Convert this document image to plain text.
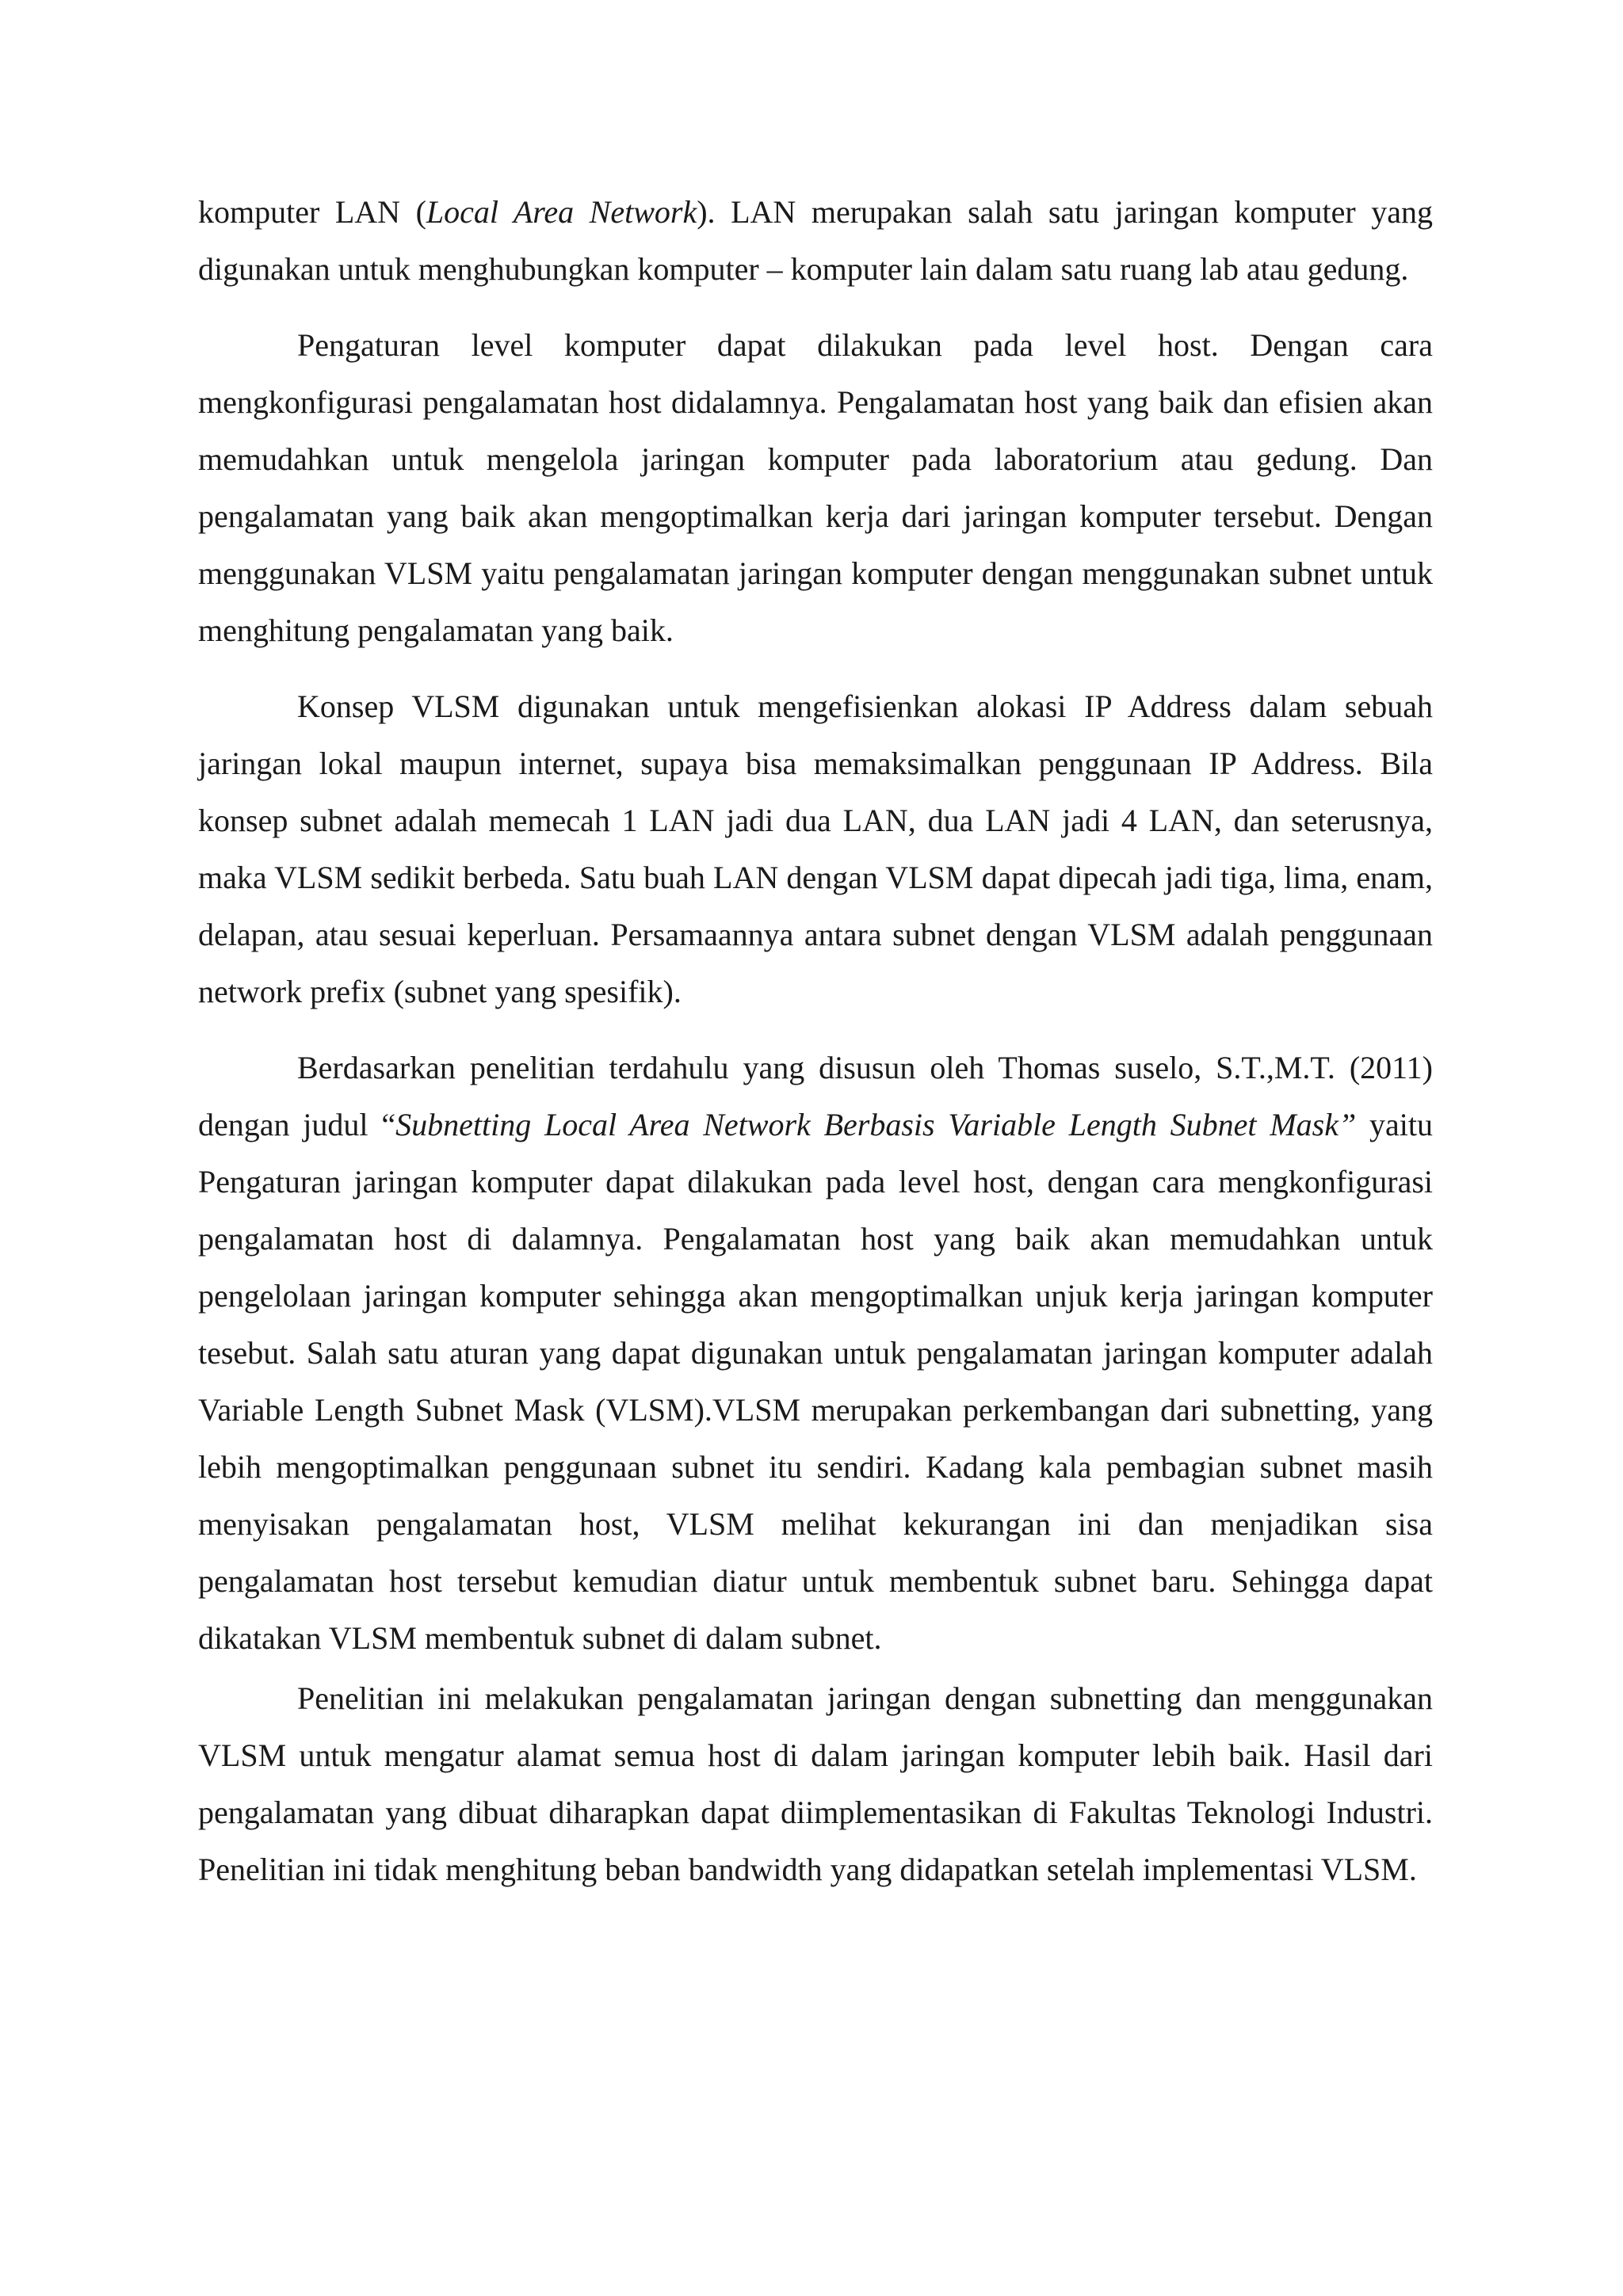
komputer LAN (Local Area Network). LAN merupakan salah satu jaringan komputer yang digunakan untuk menghubungkan komputer – komputer lain dalam satu ruang lab atau gedung.

Pengaturan level komputer dapat dilakukan pada level host. Dengan cara mengkonfigurasi pengalamatan host didalamnya. Pengalamatan host yang baik dan efisien akan memudahkan untuk mengelola jaringan komputer pada laboratorium atau gedung. Dan pengalamatan yang baik akan mengoptimalkan kerja dari jaringan komputer tersebut. Dengan menggunakan VLSM yaitu pengalamatan jaringan komputer dengan menggunakan subnet untuk menghitung pengalamatan yang baik.

Konsep VLSM digunakan untuk mengefisienkan alokasi IP Address dalam sebuah jaringan lokal maupun internet, supaya bisa memaksimalkan penggunaan IP Address. Bila konsep subnet adalah memecah 1 LAN jadi dua LAN, dua LAN jadi 4 LAN, dan seterusnya, maka VLSM sedikit berbeda. Satu buah LAN dengan VLSM dapat dipecah jadi tiga, lima, enam, delapan, atau sesuai keperluan. Persamaannya antara subnet dengan VLSM adalah penggunaan network prefix (subnet yang spesifik).

Berdasarkan penelitian terdahulu yang disusun oleh Thomas suselo, S.T.,M.T. (2011) dengan judul “Subnetting Local Area Network Berbasis Variable Length Subnet Mask” yaitu Pengaturan jaringan komputer dapat dilakukan pada level host, dengan cara mengkonfigurasi pengalamatan host di dalamnya. Pengalamatan host yang baik akan memudahkan untuk pengelolaan jaringan komputer sehingga akan mengoptimalkan unjuk kerja jaringan komputer tesebut. Salah satu aturan yang dapat digunakan untuk pengalamatan jaringan komputer adalah Variable Length Subnet Mask (VLSM).VLSM merupakan perkembangan dari subnetting, yang lebih mengoptimalkan penggunaan subnet itu sendiri. Kadang kala pembagian subnet masih menyisakan pengalamatan host, VLSM melihat kekurangan ini dan menjadikan sisa pengalamatan host tersebut kemudian diatur untuk membentuk subnet baru. Sehingga dapat dikatakan VLSM membentuk subnet di dalam subnet.

Penelitian ini melakukan pengalamatan jaringan dengan subnetting dan menggunakan VLSM untuk mengatur alamat semua host di dalam jaringan komputer lebih baik. Hasil dari pengalamatan yang dibuat diharapkan dapat diimplementasikan di Fakultas Teknologi Industri. Penelitian ini tidak menghitung beban bandwidth yang didapatkan setelah implementasi VLSM.
